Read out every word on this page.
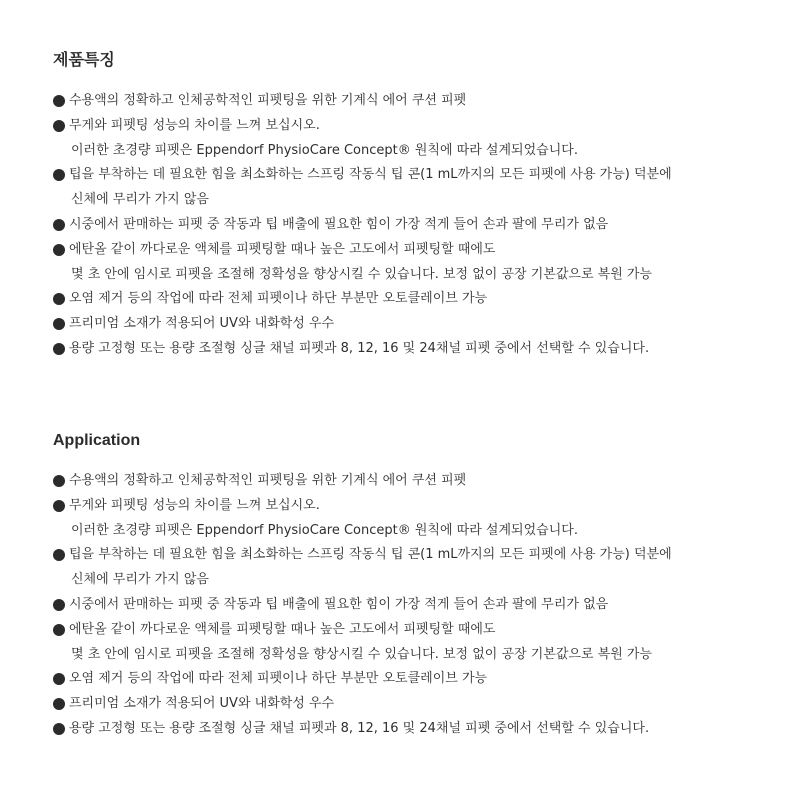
제품특징
수용액의 정확하고 인체공학적인 피펫팅을 위한 기계식 에어 쿠션 피펫
무게와 피펫팅 성능의 차이를 느껴 보십시오.
이러한 초경량 피펫은 Eppendorf PhysioCare Concept® 원칙에 따라 설계되었습니다.
팁을 부착하는 데 필요한 힘을 최소화하는 스프링 작동식 팁 콘(1 mL까지의 모든 피펫에 사용 가능) 덕분에
신체에 무리가 가지 않음
시중에서 판매하는 피펫 중 작동과 팁 배출에 필요한 힘이 가장 적게 들어 손과 팔에 무리가 없음
에탄올 같이 까다로운 액체를 피펫팅할 때나 높은 고도에서 피펫팅할 때에도
몇 초 안에 임시로 피펫을 조절해 정확성을 향상시킬 수 있습니다. 보정 없이 공장 기본값으로 복원 가능
오염 제거 등의 작업에 따라 전체 피펫이나 하단 부분만 오토클레이브 가능
프리미엄 소재가 적용되어 UV와 내화학성 우수
용량 고정형 또는 용량 조절형 싱글 채널 피펫과 8, 12, 16 및 24채널 피펫 중에서 선택할 수 있습니다.
Application
수용액의 정확하고 인체공학적인 피펫팅을 위한 기계식 에어 쿠션 피펫
무게와 피펫팅 성능의 차이를 느껴 보십시오.
이러한 초경량 피펫은 Eppendorf PhysioCare Concept® 원칙에 따라 설계되었습니다.
팁을 부착하는 데 필요한 힘을 최소화하는 스프링 작동식 팁 콘(1 mL까지의 모든 피펫에 사용 가능) 덕분에
신체에 무리가 가지 않음
시중에서 판매하는 피펫 중 작동과 팁 배출에 필요한 힘이 가장 적게 들어 손과 팔에 무리가 없음
에탄올 같이 까다로운 액체를 피펫팅할 때나 높은 고도에서 피펫팅할 때에도
몇 초 안에 임시로 피펫을 조절해 정확성을 향상시킬 수 있습니다. 보정 없이 공장 기본값으로 복원 가능
오염 제거 등의 작업에 따라 전체 피펫이나 하단 부분만 오토클레이브 가능
프리미엄 소재가 적용되어 UV와 내화학성 우수
용량 고정형 또는 용량 조절형 싱글 채널 피펫과 8, 12, 16 및 24채널 피펫 중에서 선택할 수 있습니다.
